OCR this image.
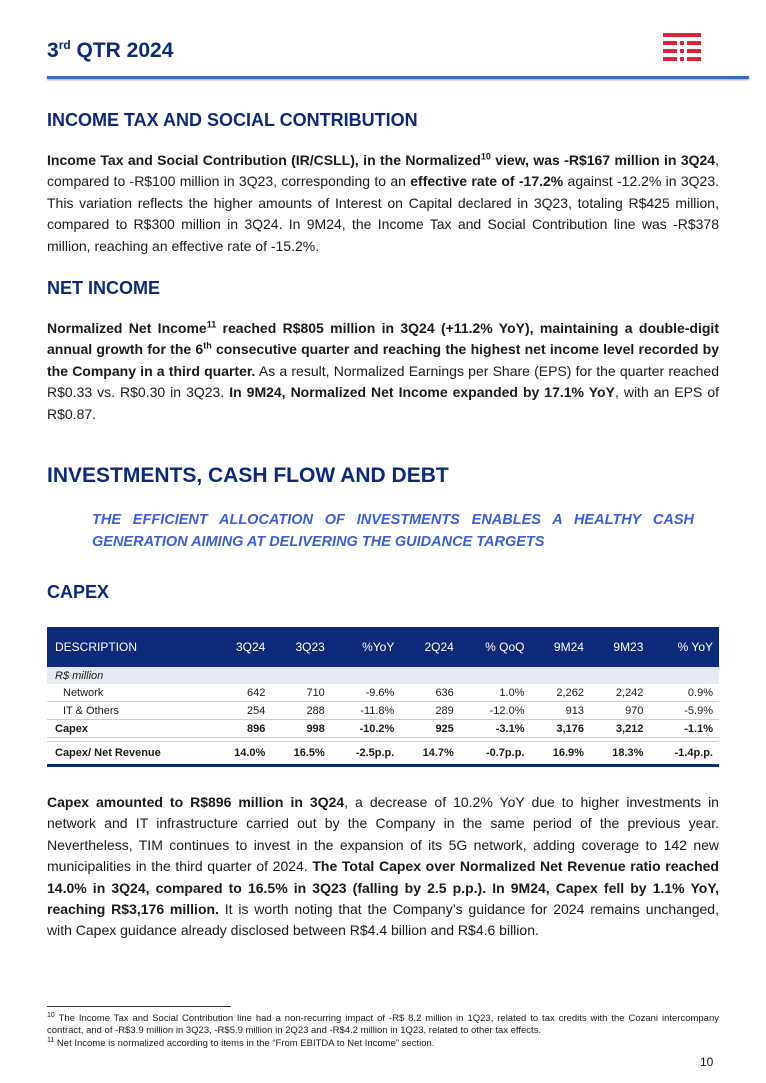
3rd QTR 2024
INCOME TAX AND SOCIAL CONTRIBUTION
Income Tax and Social Contribution (IR/CSLL), in the Normalized$^{10}$ view, was -R$167 million in 3Q24, compared to -R$100 million in 3Q23, corresponding to an effective rate of -17.2% against -12.2% in 3Q23. This variation reflects the higher amounts of Interest on Capital declared in 3Q23, totaling R$425 million, compared to R$300 million in 3Q24. In 9M24, the Income Tax and Social Contribution line was -R$378 million, reaching an effective rate of -15.2%.
NET INCOME
Normalized Net Income$^{11}$ reached R$805 million in 3Q24 (+11.2% YoY), maintaining a double-digit annual growth for the 6th consecutive quarter and reaching the highest net income level recorded by the Company in a third quarter. As a result, Normalized Earnings per Share (EPS) for the quarter reached R$0.33 vs. R$0.30 in 3Q23. In 9M24, Normalized Net Income expanded by 17.1% YoY, with an EPS of R$0.87.
INVESTMENTS, CASH FLOW AND DEBT
THE EFFICIENT ALLOCATION OF INVESTMENTS ENABLES A HEALTHY CASH GENERATION AIMING AT DELIVERING THE GUIDANCE TARGETS
CAPEX
DESCRIPTION	3Q24	3Q23	%YoY	2Q24	% QoQ	9M24	9M23	% YoY
R$ million								
Network	642	710	-9.6%	636	1.0%	2,262	2,242	0.9%
IT & Others	254	288	-11.8%	289	-12.0%	913	970	-5.9%
Capex	896	998	-10.2%	925	-3.1%	3,176	3,212	-1.1%

Capex/ Net Revenue	14.0%	16.5%	-2.5p.p.	14.7%	-0.7p.p.	16.9%	18.3%	-1.4p.p.
Capex amounted to R$896 million in 3Q24, a decrease of 10.2% YoY due to higher investments in network and IT infrastructure carried out by the Company in the same period of the previous year. Nevertheless, TIM continues to invest in the expansion of its 5G network, adding coverage to 142 new municipalities in the third quarter of 2024. The Total Capex over Normalized Net Revenue ratio reached 14.0% in 3Q24, compared to 16.5% in 3Q23 (falling by 2.5 p.p.). In 9M24, Capex fell by 1.1% YoY, reaching R$3,176 million. It is worth noting that the Company’s guidance for 2024 remains unchanged, with Capex guidance already disclosed between R$4.4 billion and R$4.6 billion.
$^{10}$ The Income Tax and Social Contribution line had a non-recurring impact of -R$ 8.2 million in 1Q23, related to tax credits with the Cozani intercompany contract, and of -R$3.9 million in 3Q23, -R$5.9 million in 2Q23 and -R$4.2 million in 1Q23, related to other tax effects.
$^{11}$ Net Income is normalized according to items in the “From EBITDA to Net Income” section.
10
